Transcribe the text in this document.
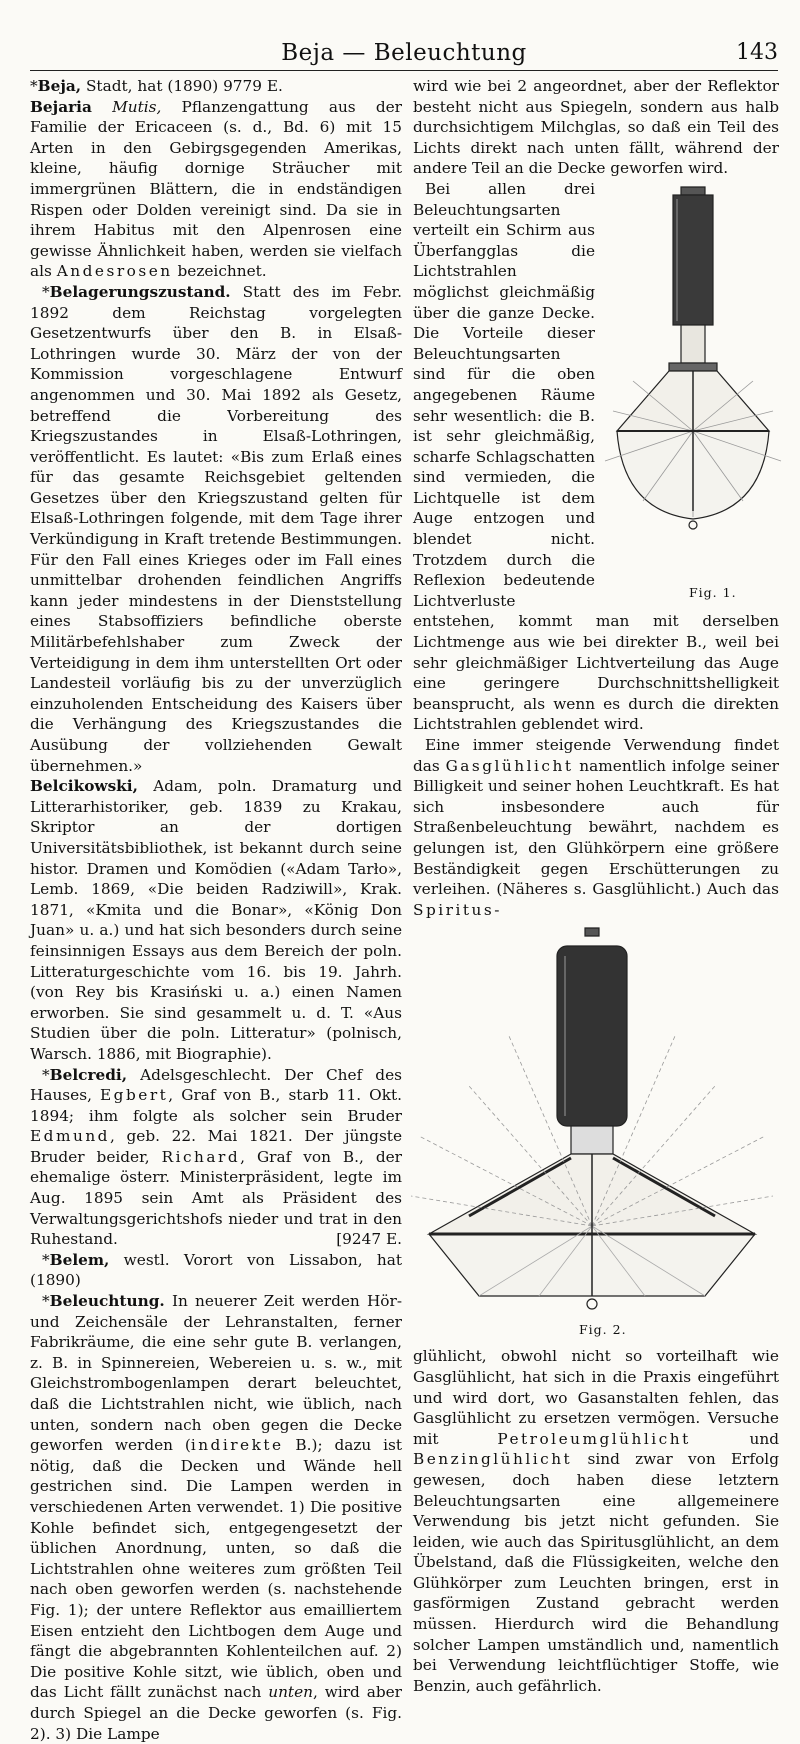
Beja — Beleuchtung	143

*Beja, Stadt, hat (1890) 9779 E.

Bejaria Mutis, Pflanzengattung aus der Familie der Ericaceen (s. d., Bd. 6) mit 15 Arten in den Gebirgsgegenden Amerikas, kleine, häufig dornige Sträucher mit immergrünen Blättern, die in endständigen Rispen oder Dolden vereinigt sind. Da sie in ihrem Habitus mit den Alpenrosen eine gewisse Ähnlichkeit haben, werden sie vielfach als Andesrosen bezeichnet.

*Belagerungszustand. Statt des im Febr. 1892 dem Reichstag vorgelegten Gesetzentwurfs über den B. in Elsaß-Lothringen wurde 30. März der von der Kommission vorgeschlagene Entwurf angenommen und 30. Mai 1892 als Gesetz, betreffend die Vorbereitung des Kriegszustandes in Elsaß-Lothringen, veröffentlicht. Es lautet: «Bis zum Erlaß eines für das gesamte Reichsgebiet geltenden Gesetzes über den Kriegszustand gelten für Elsaß-Lothringen folgende, mit dem Tage ihrer Verkündigung in Kraft tretende Bestimmungen. Für den Fall eines Krieges oder im Fall eines unmittelbar drohenden feindlichen Angriffs kann jeder mindestens in der Dienststellung eines Stabsoffiziers befindliche oberste Militärbefehlshaber zum Zweck der Verteidigung in dem ihm unterstellten Ort oder Landesteil vorläufig bis zu der unverzüglich einzuholenden Entscheidung des Kaisers über die Verhängung des Kriegszustandes die Ausübung der vollziehenden Gewalt übernehmen.»

Belcikowski, Adam, poln. Dramaturg und Litterarhistoriker, geb. 1839 zu Krakau, Skriptor an der dortigen Universitätsbibliothek, ist bekannt durch seine histor. Dramen und Komödien («Adam Tarło», Lemb. 1869, «Die beiden Radziwill», Krak. 1871, «Kmita und die Bonar», «König Don Juan» u. a.) und hat sich besonders durch seine feinsinnigen Essays aus dem Bereich der poln. Litteraturgeschichte vom 16. bis 19. Jahrh. (von Rey bis Krasiński u. a.) einen Namen erworben. Sie sind gesammelt u. d. T. «Aus Studien über die poln. Litteratur» (polnisch, Warsch. 1886, mit Biographie).

*Belcredi, Adelsgeschlecht. Der Chef des Hauses, Egbert, Graf von B., starb 11. Okt. 1894; ihm folgte als solcher sein Bruder Edmund, geb. 22. Mai 1821. Der jüngste Bruder beider, Richard, Graf von B., der ehemalige österr. Ministerpräsident, legte im Aug. 1895 sein Amt als Präsident des Verwaltungsgerichtshofs nieder und trat in den Ruhestand.	[9247 E.

*Belem, westl. Vorort von Lissabon, hat (1890)

*Beleuchtung. In neuerer Zeit werden Hör- und Zeichensäle der Lehranstalten, ferner Fabrikräume, die eine sehr gute B. verlangen, z. B. in Spinnereien, Webereien u. s. w., mit Gleichstrombogenlampen derart beleuchtet, daß die Lichtstrahlen nicht, wie üblich, nach unten, sondern nach oben gegen die Decke geworfen werden (indirekte B.); dazu ist nötig, daß die Decken und Wände hell gestrichen sind. Die Lampen werden in verschiedenen Arten verwendet. 1) Die positive Kohle befindet sich, entgegengesetzt der üblichen Anordnung, unten, so daß die Lichtstrahlen ohne weiteres zum größten Teil nach oben geworfen werden (s. nachstehende Fig. 1); der untere Reflektor aus emailliertem Eisen entzieht den Lichtbogen dem Auge und fängt die abgebrannten Kohlenteilchen auf. 2) Die positive Kohle sitzt, wie üblich, oben und das Licht fällt zunächst nach unten, wird aber durch Spiegel an die Decke geworfen (s. Fig. 2). 3) Die Lampe

wird wie bei 2 angeordnet, aber der Reflektor besteht nicht aus Spiegeln, sondern aus halb durchsichtigem Milchglas, so daß ein Teil des Lichts direkt nach unten fällt, während der andere Teil an die Decke geworfen wird.

Fig. 1.

Bei allen drei Beleuchtungsarten verteilt ein Schirm aus Überfangglas die Lichtstrahlen möglichst gleichmäßig über die ganze Decke. Die Vorteile dieser Beleuchtungsarten sind für die oben angegebenen Räume sehr wesentlich: die B. ist sehr gleichmäßig, scharfe Schlagschatten sind vermieden, die Lichtquelle ist dem Auge entzogen und blendet nicht. Trotzdem durch die Reflexion bedeutende Lichtverluste entstehen, kommt man mit derselben Lichtmenge aus wie bei direkter B., weil bei sehr gleichmäßiger Lichtverteilung das Auge eine geringere Durchschnittshelligkeit beansprucht, als wenn es durch die direkten Lichtstrahlen geblendet wird.

Eine immer steigende Verwendung findet das Gasglühlicht namentlich infolge seiner Billigkeit und seiner hohen Leuchtkraft. Es hat sich insbesondere auch für Straßenbeleuchtung bewährt, nachdem es gelungen ist, den Glühkörpern eine größere Beständigkeit gegen Erschütterungen zu verleihen. (Näheres s. Gasglühlicht.) Auch das Spiritus-

Fig. 2.

glühlicht, obwohl nicht so vorteilhaft wie Gasglühlicht, hat sich in die Praxis eingeführt und wird dort, wo Gasanstalten fehlen, das Gasglühlicht zu ersetzen vermögen. Versuche mit Petroleumglühlicht und Benzinglühlicht sind zwar von Erfolg gewesen, doch haben diese letztern Beleuchtungsarten eine allgemeinere Verwendung bis jetzt nicht gefunden. Sie leiden, wie auch das Spiritusglühlicht, an dem Übelstand, daß die Flüssigkeiten, welche den Glühkörper zum Leuchten bringen, erst in gasförmigen Zustand gebracht werden müssen. Hierdurch wird die Behandlung solcher Lampen umständlich und, namentlich bei Verwendung leichtflüchtiger Stoffe, wie Benzin, auch gefährlich.
